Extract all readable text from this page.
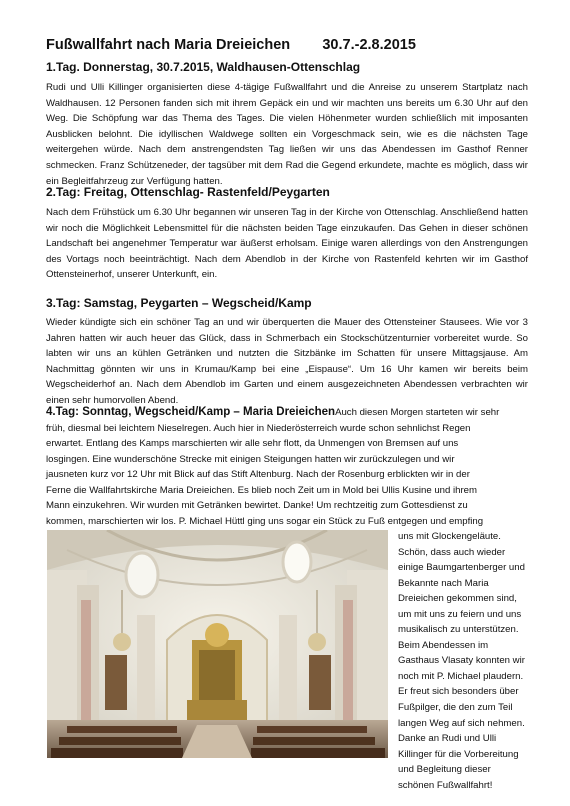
Fußwallfahrt nach Maria Dreieichen        30.7.-2.8.2015
1.Tag. Donnerstag, 30.7.2015, Waldhausen-Ottenschlag
Rudi und Ulli Killinger organisierten diese 4-tägige Fußwallfahrt und die Anreise zu unserem Startplatz nach Waldhausen. 12 Personen fanden sich mit ihrem Gepäck ein und wir machten uns bereits um 6.30 Uhr auf den Weg. Die Schöpfung war das Thema des Tages. Die vielen Höhenmeter wurden schließlich mit imposanten Ausblicken belohnt. Die idyllischen Waldwege sollten ein Vorgeschmack sein, wie es die nächsten Tage weitergehen würde. Nach dem anstrengendsten Tag ließen wir uns das Abendessen im Gasthof Renner schmecken. Franz Schützeneder, der tagsüber mit dem Rad die Gegend erkundete, machte es möglich, dass wir ein Begleitfahrzeug zur Verfügung hatten.
2.Tag: Freitag, Ottenschlag- Rastenfeld/Peygarten
Nach dem Frühstück um 6.30 Uhr begannen wir unseren Tag in der Kirche von Ottenschlag. Anschließend hatten wir noch die Möglichkeit Lebensmittel für die nächsten beiden Tage einzukaufen. Das Gehen in dieser schönen Landschaft bei angenehmer Temperatur war äußerst erholsam. Einige waren allerdings von den Anstrengungen des Vortags noch beeinträchtigt. Nach dem Abendlob in der Kirche von Rastenfeld kehrten wir im Gasthof Ottensteinerhof, unserer Unterkunft, ein.
3.Tag: Samstag, Peygarten – Wegscheid/Kamp
Wieder kündigte sich ein schöner Tag an und wir überquerten die Mauer des Ottensteiner Stausees. Wie vor 3 Jahren hatten wir auch heuer das Glück, dass in Schmerbach ein Stockschützenturnier vorbereitet wurde. So labten wir uns an kühlen Getränken und nutzten die Sitzbänke im Schatten für unsere Mittagsjause. Am Nachmittag gönnten wir uns in Krumau/Kamp bei eine „Eispause“. Um 16 Uhr kamen wir bereits beim Wegscheiderhof an. Nach dem Abendlob im Garten und einem ausgezeichneten Abendessen verbrachten wir einen sehr humorvollen Abend.
4.Tag: Sonntag, Wegscheid/Kamp – Maria DreieichenAuch diesen Morgen starteten wir sehr
früh, diesmal bei leichtem Nieselregen. Auch hier in Niederösterreich wurde schon sehnlichst Regen
erwartet. Entlang des Kamps marschierten wir alle sehr flott, da Unmengen von Bremsen auf uns
losgingen. Eine wunderschöne Strecke mit einigen Steigungen hatten wir zurückzulegen und wir
jausneten kurz vor 12 Uhr mit Blick auf das Stift Altenburg. Nach der Rosenburg erblickten wir in der
Ferne die Wallfahrtskirche Maria Dreieichen. Es blieb noch Zeit um in Mold bei Ullis Kusine und ihrem
Mann einzukehren. Wir wurden mit Getränken bewirtet. Danke! Um rechtzeitig zum Gottesdienst zu
kommen, marschierten wir los. P. Michael Hüttl ging uns sogar ein Stück zu Fuß entgegen und empfing
uns mit Glockengeläute.
Schön, dass auch wieder
einige Baumgartenberger und
Bekannte nach Maria
Dreieichen gekommen sind,
um mit uns zu feiern und uns
musikalisch zu unterstützen.
Beim Abendessen im
Gasthaus Vlasaty konnten wir
noch mit P. Michael plaudern.
Er freut sich besonders über
Fußpilger, die den zum Teil
langen Weg auf sich nehmen.
Danke an Rudi und Ulli
Killinger für die Vorbereitung
und Begleitung dieser
schönen Fußwallfahrt!
